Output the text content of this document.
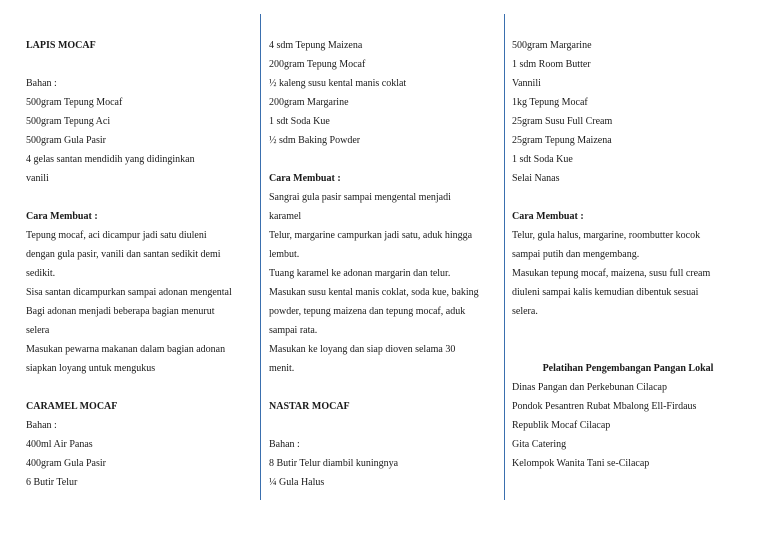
LAPIS MOCAF

Bahan :

500gram Tepung Mocaf

500gram Tepung Aci

500gram Gula Pasir

4 gelas santan mendidih yang didinginkan

vanili

Cara Membuat :

Tepung mocaf, aci dicampur jadi satu diuleni

dengan gula pasir, vanili dan santan sedikit demi

sedikit.

Sisa santan dicampurkan sampai adonan mengental

Bagi adonan menjadi beberapa bagian menurut

selera

Masukan pewarna makanan dalam bagian adonan

siapkan loyang untuk mengukus

CARAMEL MOCAF

Bahan :

400ml Air Panas

400gram Gula Pasir

6 Butir Telur

4 sdm Tepung Maizena

200gram Tepung Mocaf

½ kaleng susu kental manis coklat

200gram Margarine

1 sdt Soda Kue

½ sdm Baking Powder

Cara Membuat :

Sangrai gula pasir sampai mengental menjadi

karamel

Telur, margarine campurkan jadi satu, aduk hingga

lembut.

Tuang karamel ke adonan margarin dan telur.

Masukan susu kental manis coklat, soda kue, baking

powder, tepung maizena dan tepung mocaf, aduk

sampai rata.

Masukan ke loyang dan siap dioven selama 30

menit.

NASTAR MOCAF

Bahan :

8 Butir Telur diambil kuningnya

¼ Gula Halus

500gram Margarine

1 sdm Room Butter

Vannili

1kg Tepung Mocaf

25gram Susu Full Cream

25gram Tepung Maizena

1 sdt Soda Kue

Selai Nanas

Cara Membuat :

Telur, gula halus, margarine, roombutter kocok

sampai putih dan mengembang.

Masukan tepung mocaf, maizena, susu full cream

diuleni sampai kalis kemudian dibentuk sesuai

selera.

Pelatihan Pengembangan Pangan Lokal

Dinas Pangan dan Perkebunan Cilacap

Pondok Pesantren Rubat Mbalong Ell-Firdaus

Republik Mocaf Cilacap

Gita Catering

Kelompok Wanita Tani se-Cilacap
